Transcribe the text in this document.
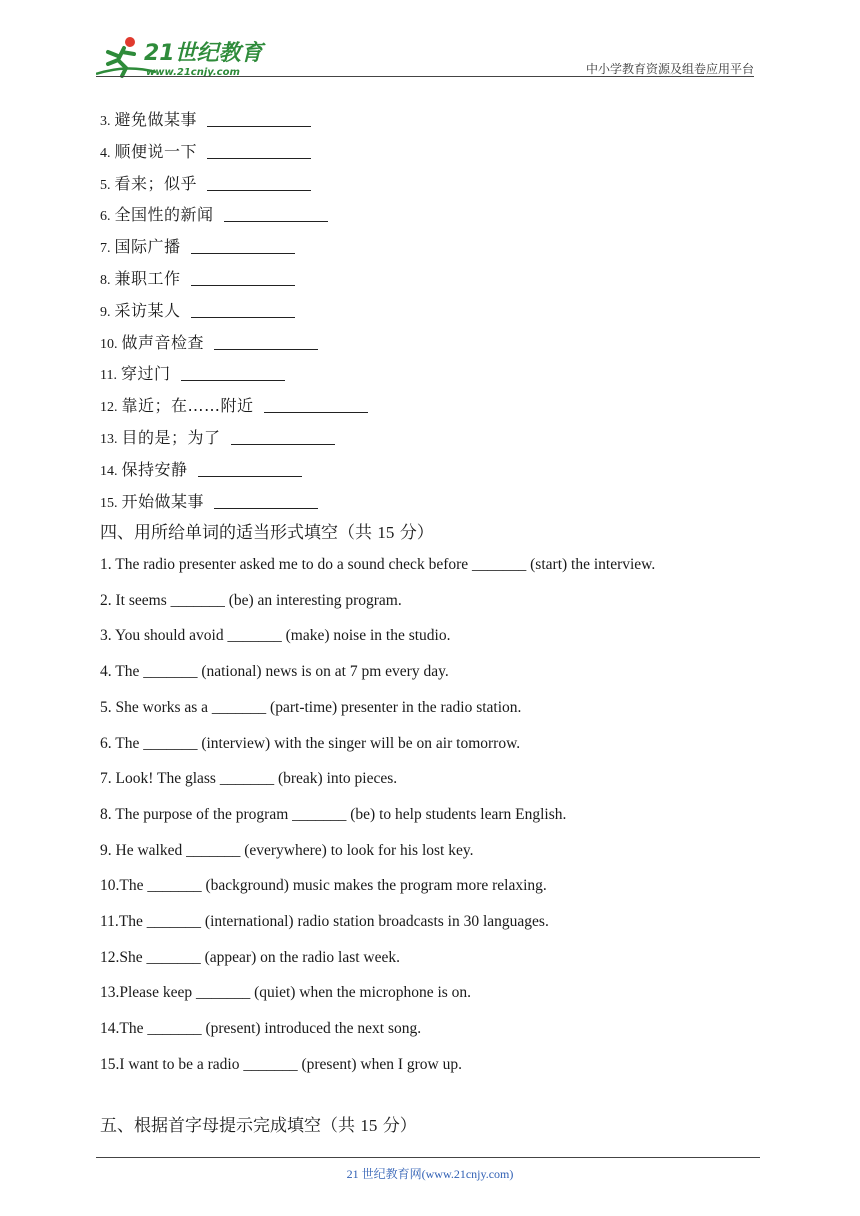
21世纪教育
www.21cnjy.com	中小学教育资源及组卷应用平台
3. 避免做某事
4. 顺便说一下
5. 看来；似乎
6. 全国性的新闻
7. 国际广播
8. 兼职工作
9. 采访某人
10. 做声音检查
11. 穿过门
12. 靠近；在……附近
13. 目的是；为了
14. 保持安静
15. 开始做某事
四、用所给单词的适当形式填空（共 15 分）
1. The radio presenter asked me to do a sound check before _______ (start) the interview.
2. It seems _______ (be) an interesting program.
3. You should avoid _______ (make) noise in the studio.
4. The _______ (national) news is on at 7 pm every day.
5. She works as a _______ (part-time) presenter in the radio station.
6. The _______ (interview) with the singer will be on air tomorrow.
7. Look! The glass _______ (break) into pieces.
8. The purpose of the program _______ (be) to help students learn English.
9. He walked _______ (everywhere) to look for his lost key.
10.The _______ (background) music makes the program more relaxing.
11.The _______ (international) radio station broadcasts in 30 languages.
12.She _______ (appear) on the radio last week.
13.Please keep _______ (quiet) when the microphone is on.
14.The _______ (present) introduced the next song.
15.I want to be a radio _______ (present) when I grow up.
五、根据首字母提示完成填空（共 15 分）
21 世纪教育网(www.21cnjy.com)
